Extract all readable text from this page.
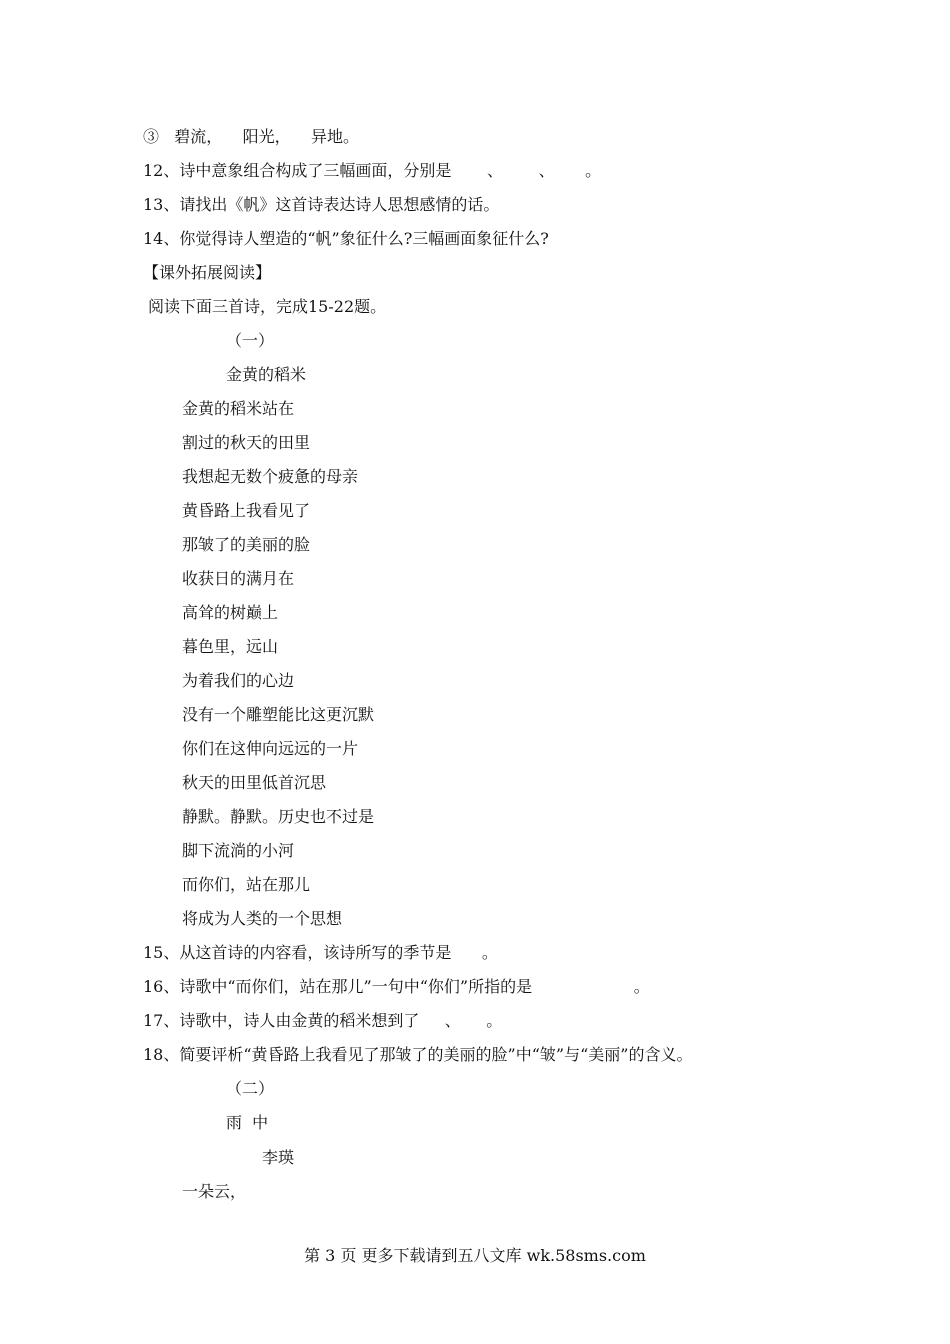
③   碧流，    阳光，    异地。
12、诗中意象组合构成了三幅画面，分别是       、       、      。
13、请找出《帆》这首诗表达诗人思想感情的话。
14、你觉得诗人塑造的“帆”象征什么?三幅画面象征什么?
【课外拓展阅读】
阅读下面三首诗，完成15-22题。
（一）
金黄的稻米
金黄的稻米站在
割过的秋天的田里
我想起无数个疲惫的母亲
黄昏路上我看见了
那皱了的美丽的脸
收获日的满月在
高耸的树巅上
暮色里，远山
为着我们的心边
没有一个雕塑能比这更沉默
你们在这伸向远远的一片
秋天的田里低首沉思
静默。静默。历史也不过是
脚下流淌的小河
而你们，站在那儿
将成为人类的一个思想
15、从这首诗的内容看，该诗所写的季节是      。
16、诗歌中“而你们，站在那儿”一句中“你们”所指的是                    。
17、诗歌中，诗人由金黄的稻米想到了     、     。
18、简要评析“黄昏路上我看见了那皱了的美丽的脸”中“皱”与“美丽”的含义。
（二）
雨  中
李瑛
一朵云，
第 3 页 更多下载请到五八文库 wk.58sms.com
